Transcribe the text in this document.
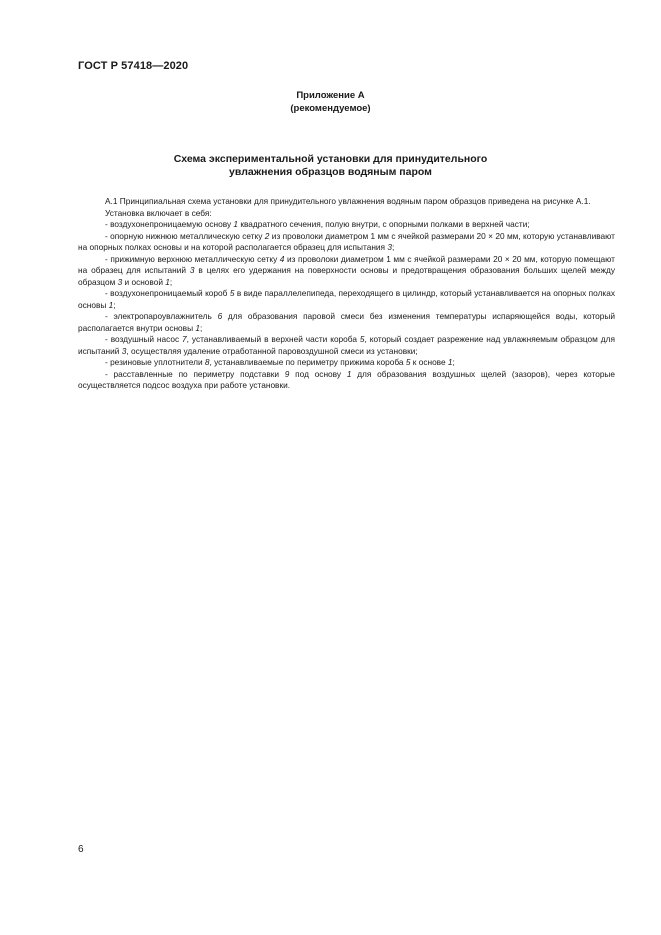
ГОСТ Р 57418—2020
Приложение А
(рекомендуемое)
Схема экспериментальной установки для принудительного
увлажнения образцов водяным паром

А.1 Принципиальная схема установки для принудительного увлажнения водяным паром образцов приведена на рисунке А.1.

Установка включает в себя:

- воздухонепроницаемую основу 1 квадратного сечения, полую внутри, с опорными полками в верхней части;

- опорную нижнюю металлическую сетку 2 из проволоки диаметром 1 мм с ячейкой размерами 20 × 20 мм, которую устанавливают на опорных полках основы и на которой располагается образец для испытания 3;

- прижимную верхнюю металлическую сетку 4 из проволоки диаметром 1 мм с ячейкой размерами 20 × 20 мм, которую помещают на образец для испытаний 3 в целях его удержания на поверхности основы и предотвращения образования больших щелей между образцом 3 и основой 1;

- воздухонепроницаемый короб 5 в виде параллелепипеда, переходящего в цилиндр, который устанавливается на опорных полках основы 1;

- электропароувлажнитель 6 для образования паровой смеси без изменения температуры испаряющейся воды, который располагается внутри основы 1;

- воздушный насос 7, устанавливаемый в верхней части короба 5, который создает разрежение над увлажняемым образцом для испытаний 3, осуществляя удаление отработанной паровоздушной смеси из установки;

- резиновые уплотнители 8, устанавливаемые по периметру прижима короба 5 к основе 1;

- расставленные по периметру подставки 9 под основу 1 для образования воздушных щелей (зазоров), через которые осуществляется подсос воздуха при работе установки.

6
